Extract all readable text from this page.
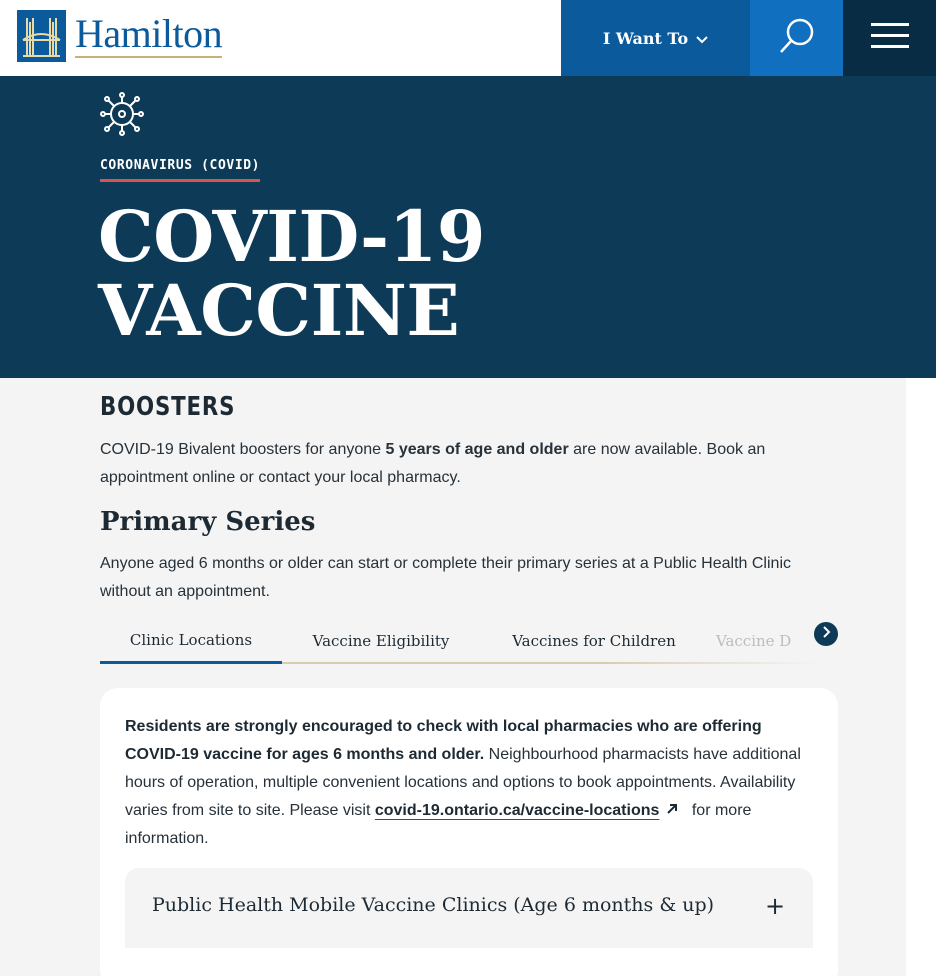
Hamilton	I Want To
CORONAVIRUS (COVID)
COVID-19
VACCINE
BOOSTERS

COVID-19 Bivalent boosters for anyone 5 years of age and older are now available. Book an appointment online or contact your local pharmacy.

Primary Series

Anyone aged 6 months or older can start or complete their primary series at a Public Health Clinic without an appointment.

Clinic Locations	Vaccine Eligibility	Vaccines for Children	Vaccine D

Residents are strongly encouraged to check with local pharmacies who are offering COVID-19 vaccine for ages 6 months and older. Neighbourhood pharmacists have additional hours of operation, multiple convenient locations and options to book appointments. Availability varies from site to site. Please visit covid-19.ontario.ca/vaccine-locations for more information.

Public Health Mobile Vaccine Clinics (Age 6 months & up) +
